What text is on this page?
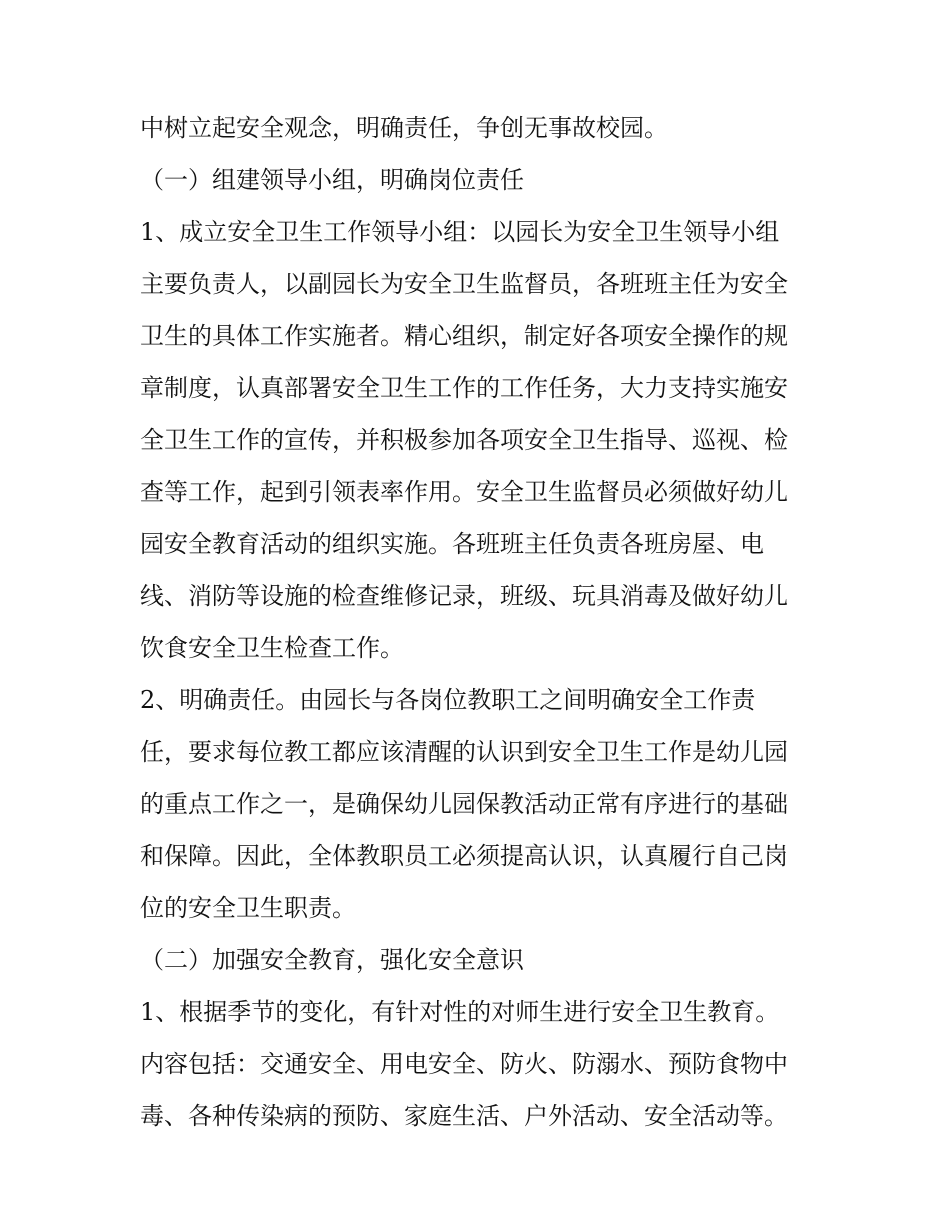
中树立起安全观念，明确责任，争创无事故校园。
（一）组建领导小组，明确岗位责任
1、成立安全卫生工作领导小组：以园长为安全卫生领导小组
主要负责人，以副园长为安全卫生监督员，各班班主任为安全
卫生的具体工作实施者。精心组织，制定好各项安全操作的规
章制度，认真部署安全卫生工作的工作任务，大力支持实施安
全卫生工作的宣传，并积极参加各项安全卫生指导、巡视、检
查等工作，起到引领表率作用。安全卫生监督员必须做好幼儿
园安全教育活动的组织实施。各班班主任负责各班房屋、电
线、消防等设施的检查维修记录，班级、玩具消毒及做好幼儿
饮食安全卫生检查工作。
2、明确责任。由园长与各岗位教职工之间明确安全工作责
任，要求每位教工都应该清醒的认识到安全卫生工作是幼儿园
的重点工作之一，是确保幼儿园保教活动正常有序进行的基础
和保障。因此，全体教职员工必须提高认识，认真履行自己岗
位的安全卫生职责。
（二）加强安全教育，强化安全意识
1、根据季节的变化，有针对性的对师生进行安全卫生教育。
内容包括：交通安全、用电安全、防火、防溺水、预防食物中
毒、各种传染病的预防、家庭生活、户外活动、安全活动等。
